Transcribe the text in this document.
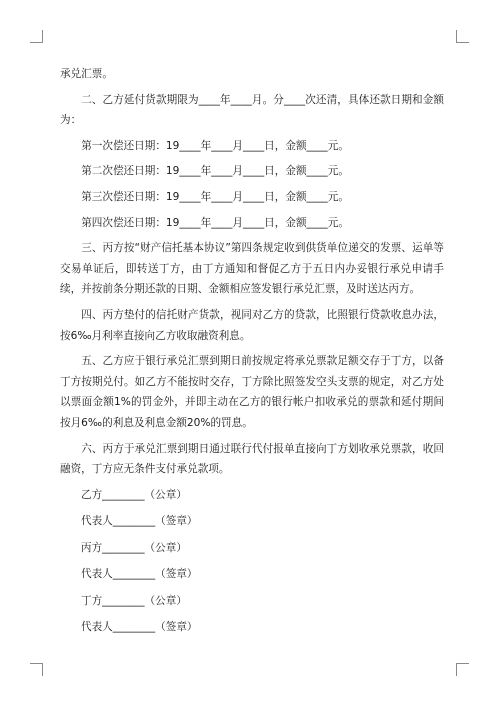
承兑汇票。

二、乙方延付货款期限为____年____月。分____次还清，具体还款日期和金额为：

第一次偿还日期：19____年____月____日，金额____元。

第二次偿还日期：19____年____月____日，金额____元。

第三次偿还日期：19____年____月____日，金额____元。

第四次偿还日期：19____年____月____日，金额____元。

三、丙方按“财产信托基本协议”第四条规定收到供货单位递交的发票、运单等交易单证后，即转送丁方，由丁方通知和督促乙方于五日内办妥银行承兑申请手续，并按前条分期还款的日期、金额相应签发银行承兑汇票，及时送达丙方。

四、丙方垫付的信托财产货款，视同对乙方的贷款，比照银行贷款收息办法，按6‰月利率直接向乙方收取融资利息。

五、乙方应于银行承兑汇票到期日前按规定将承兑票款足额交存于丁方，以备丁方按期兑付。如乙方不能按时交存，丁方除比照签发空头支票的规定，对乙方处以票面金额1%的罚金外，并即主动在乙方的银行帐户扣收承兑的票款和延付期间按月6‰的利息及利息金额20%的罚息。

六、丙方于承兑汇票到期日通过联行代付报单直接向丁方划收承兑票款，收回融资，丁方应无条件支付承兑款项。

乙方________（公章）
代表人________（签章）
丙方________（公章）
代表人________（签章）
丁方________（公章）
代表人________（签章）
